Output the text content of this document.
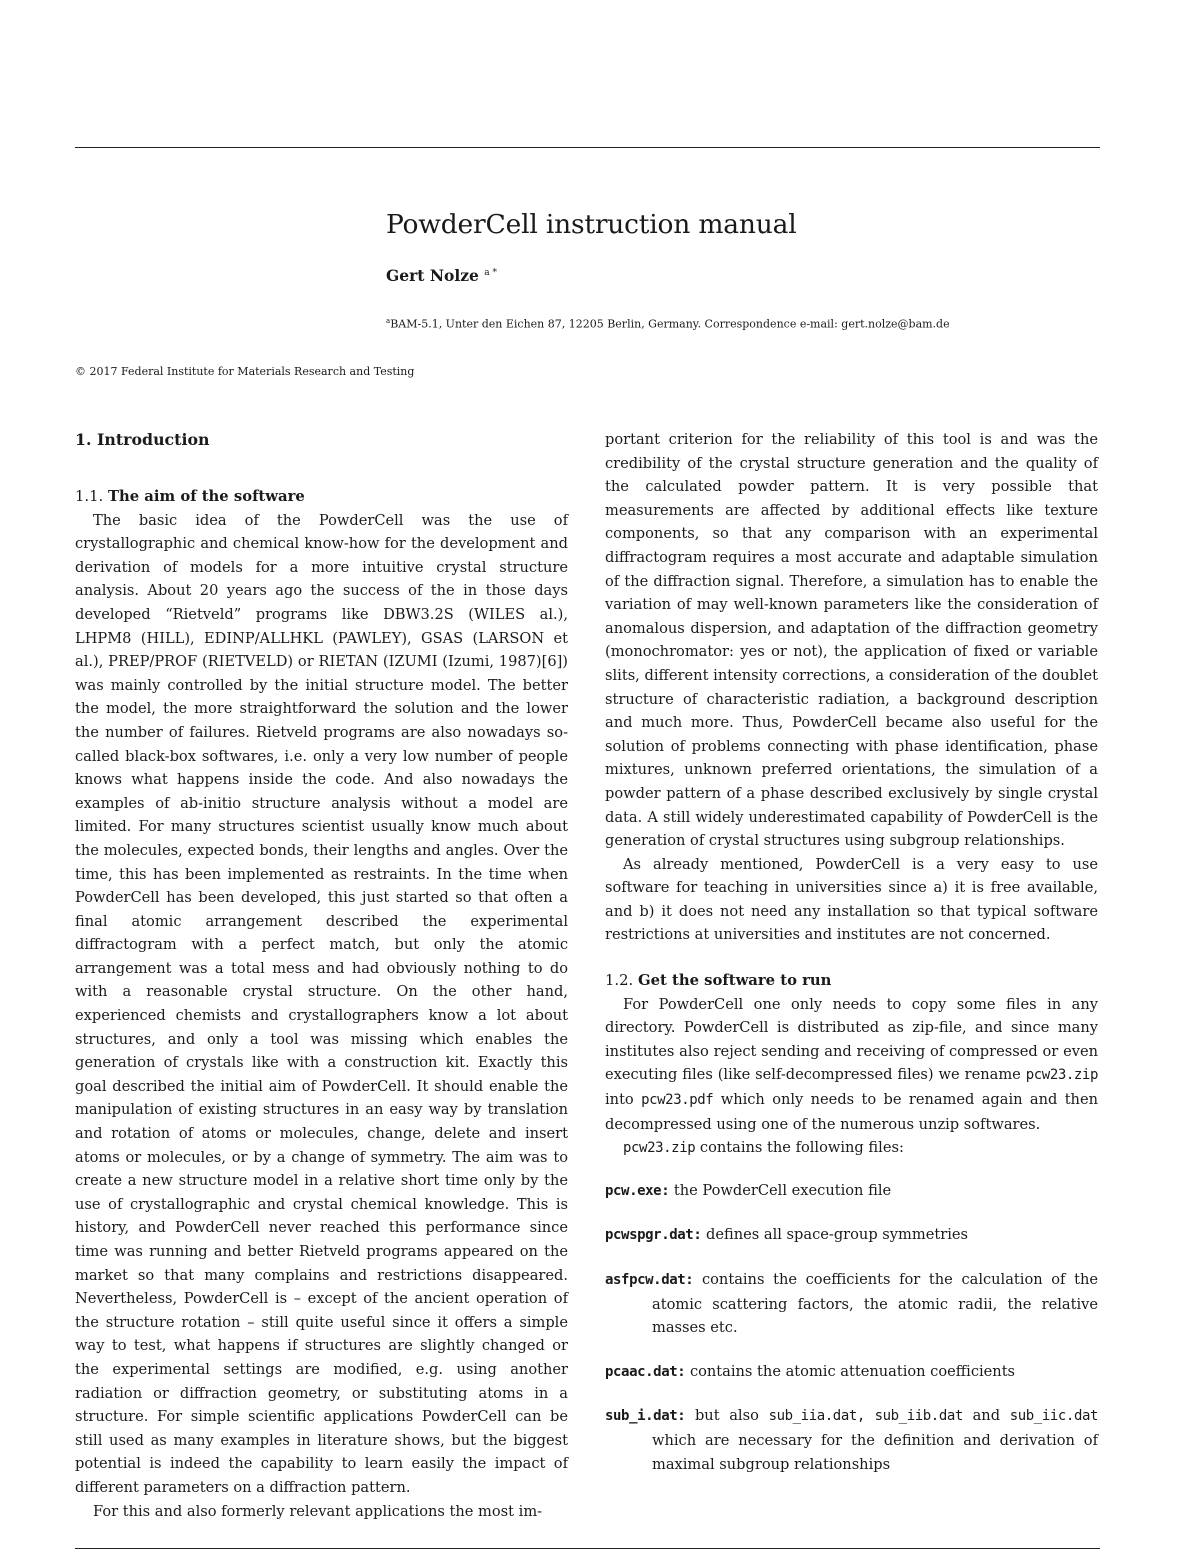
PowderCell instruction manual

Gert Nolze $^{a *}$

$^a$BAM-5.1, Unter den Eichen 87, 12205 Berlin, Germany. Correspondence e-mail: gert.nolze@bam.de

© 2017 Federal Institute for Materials Research and Testing

1. Introduction
1.1. The aim of the software

The basic idea of the PowderCell was the use of crystallographic and chemical know-how for the development and derivation of models for a more intuitive crystal structure analysis. About 20 years ago the success of the in those days developed “Rietveld” programs like DBW3.2S (WILES al.), LHPM8 (HILL), EDINP/ALLHKL (PAWLEY), GSAS (LARSON et al.), PREP/PROF (RIETVELD) or RIETAN (IZUMI (Izumi, 1987)[6]) was mainly controlled by the initial structure model. The better the model, the more straightforward the solution and the lower the number of failures. Rietveld programs are also nowadays so-called black-box softwares, i.e. only a very low number of people knows what happens inside the code. And also nowadays the examples of ab-initio structure analysis without a model are limited. For many structures scientist usually know much about the molecules, expected bonds, their lengths and angles. Over the time, this has been implemented as restraints. In the time when PowderCell has been developed, this just started so that often a final atomic arrangement described the experimental diffractogram with a perfect match, but only the atomic arrangement was a total mess and had obviously nothing to do with a reasonable crystal structure. On the other hand, experienced chemists and crystallographers know a lot about structures, and only a tool was missing which enables the generation of crystals like with a construction kit. Exactly this goal described the initial aim of PowderCell. It should enable the manipulation of existing structures in an easy way by translation and rotation of atoms or molecules, change, delete and insert atoms or molecules, or by a change of symmetry. The aim was to create a new structure model in a relative short time only by the use of crystallographic and crystal chemical knowledge. This is history, and PowderCell never reached this performance since time was running and better Rietveld programs appeared on the market so that many complains and restrictions disappeared. Nevertheless, PowderCell is – except of the ancient operation of the structure rotation – still quite useful since it offers a simple way to test, what happens if structures are slightly changed or the experimental settings are modified, e.g. using another radiation or diffraction geometry, or substituting atoms in a structure. For simple scientific applications PowderCell can be still used as many examples in literature shows, but the biggest potential is indeed the capability to learn easily the impact of different parameters on a diffraction pattern.

For this and also formerly relevant applications the most im-

portant criterion for the reliability of this tool is and was the credibility of the crystal structure generation and the quality of the calculated powder pattern. It is very possible that measurements are affected by additional effects like texture components, so that any comparison with an experimental diffractogram requires a most accurate and adaptable simulation of the diffraction signal. Therefore, a simulation has to enable the variation of may well-known parameters like the consideration of anomalous dispersion, and adaptation of the diffraction geometry (monochromator: yes or not), the application of fixed or variable slits, different intensity corrections, a consideration of the doublet structure of characteristic radiation, a background description and much more. Thus, PowderCell became also useful for the solution of problems connecting with phase identification, phase mixtures, unknown preferred orientations, the simulation of a powder pattern of a phase described exclusively by single crystal data. A still widely underestimated capability of PowderCell is the generation of crystal structures using subgroup relationships.

As already mentioned, PowderCell is a very easy to use software for teaching in universities since a) it is free available, and b) it does not need any installation so that typical software restrictions at universities and institutes are not concerned.

1.2. Get the software to run

For PowderCell one only needs to copy some files in any directory. PowderCell is distributed as zip-file, and since many institutes also reject sending and receiving of compressed or even executing files (like self-decompressed files) we rename pcw23.zip into pcw23.pdf which only needs to be renamed again and then decompressed using one of the numerous unzip softwares.

pcw23.zip contains the following files:

pcw.exe: the PowderCell execution file
pcwspgr.dat: defines all space-group symmetries
asfpcw.dat: contains the coefficients for the calculation of the atomic scattering factors, the atomic radii, the relative masses etc.
pcaac.dat: contains the atomic attenuation coefficients
sub_i.dat: but also sub_iia.dat, sub_iib.dat and sub_iic.dat which are necessary for the definition and derivation of maximal subgroup relationships
